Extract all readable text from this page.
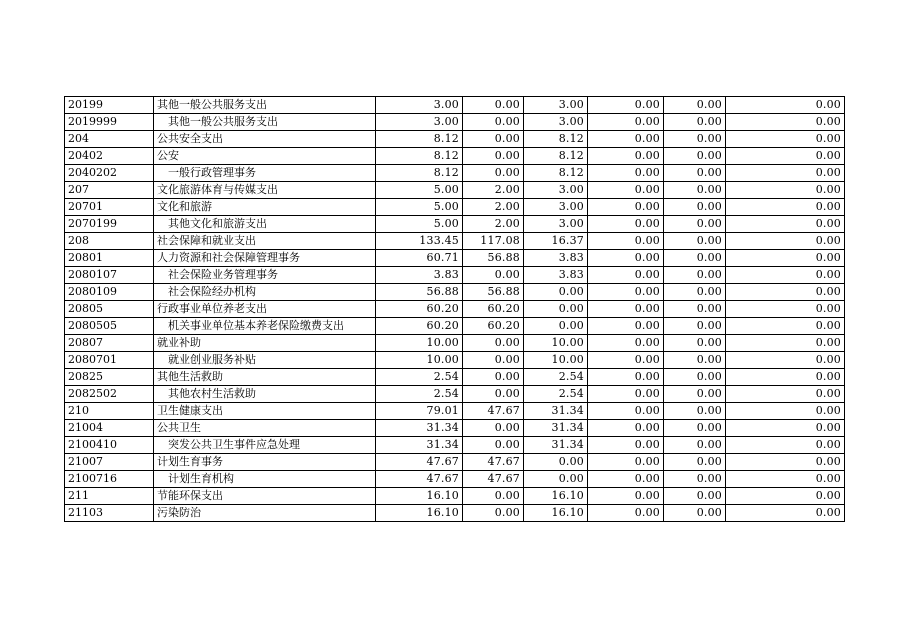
20199	其他一般公共服务支出	3.00	0.00	3.00	0.00	0.00	0.00
2019999	其他一般公共服务支出	3.00	0.00	3.00	0.00	0.00	0.00
204	公共安全支出	8.12	0.00	8.12	0.00	0.00	0.00
20402	公安	8.12	0.00	8.12	0.00	0.00	0.00
2040202	一般行政管理事务	8.12	0.00	8.12	0.00	0.00	0.00
207	文化旅游体育与传媒支出	5.00	2.00	3.00	0.00	0.00	0.00
20701	文化和旅游	5.00	2.00	3.00	0.00	0.00	0.00
2070199	其他文化和旅游支出	5.00	2.00	3.00	0.00	0.00	0.00
208	社会保障和就业支出	133.45	117.08	16.37	0.00	0.00	0.00
20801	人力资源和社会保障管理事务	60.71	56.88	3.83	0.00	0.00	0.00
2080107	社会保险业务管理事务	3.83	0.00	3.83	0.00	0.00	0.00
2080109	社会保险经办机构	56.88	56.88	0.00	0.00	0.00	0.00
20805	行政事业单位养老支出	60.20	60.20	0.00	0.00	0.00	0.00
2080505	机关事业单位基本养老保险缴费支出	60.20	60.20	0.00	0.00	0.00	0.00
20807	就业补助	10.00	0.00	10.00	0.00	0.00	0.00
2080701	就业创业服务补贴	10.00	0.00	10.00	0.00	0.00	0.00
20825	其他生活救助	2.54	0.00	2.54	0.00	0.00	0.00
2082502	其他农村生活救助	2.54	0.00	2.54	0.00	0.00	0.00
210	卫生健康支出	79.01	47.67	31.34	0.00	0.00	0.00
21004	公共卫生	31.34	0.00	31.34	0.00	0.00	0.00
2100410	突发公共卫生事件应急处理	31.34	0.00	31.34	0.00	0.00	0.00
21007	计划生育事务	47.67	47.67	0.00	0.00	0.00	0.00
2100716	计划生育机构	47.67	47.67	0.00	0.00	0.00	0.00
211	节能环保支出	16.10	0.00	16.10	0.00	0.00	0.00
21103	污染防治	16.10	0.00	16.10	0.00	0.00	0.00
